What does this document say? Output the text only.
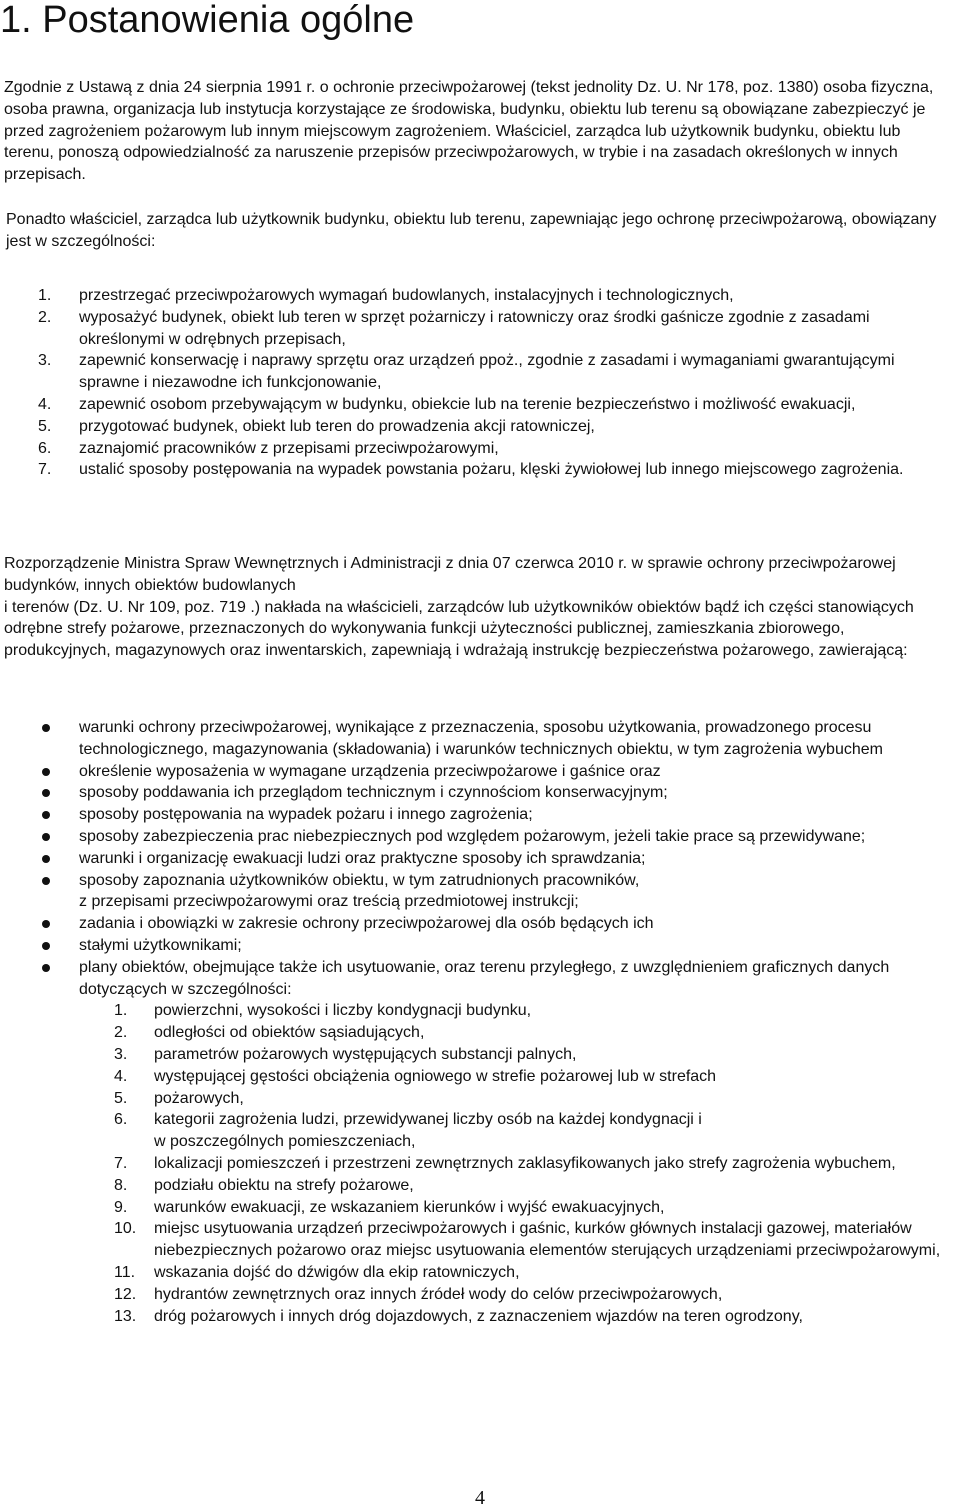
1. Postanowienia ogólne

Zgodnie z Ustawą z dnia 24 sierpnia 1991 r. o ochronie przeciwpożarowej (tekst jednolity Dz. U. Nr 178, poz. 1380) osoba fizyczna, osoba prawna, organizacja lub instytucja korzystające ze środowiska, budynku, obiektu lub terenu są obowiązane zabezpieczyć je przed zagrożeniem pożarowym lub innym miejscowym zagrożeniem. Właściciel, zarządca lub użytkownik budynku, obiektu lub terenu, ponoszą odpowiedzialność za naruszenie przepisów przeciwpożarowych, w trybie i na zasadach określonych w innych przepisach.

Ponadto właściciel, zarządca lub użytkownik budynku, obiektu lub terenu, zapewniając jego ochronę przeciwpożarową, obowiązany jest w szczególności:

1. przestrzegać przeciwpożarowych wymagań budowlanych, instalacyjnych i technologicznych,
2. wyposażyć budynek, obiekt lub teren w sprzęt pożarniczy i ratowniczy oraz środki gaśnicze zgodnie z zasadami określonymi w odrębnych przepisach,
3. zapewnić konserwację i naprawy sprzętu oraz urządzeń ppoż., zgodnie z zasadami i wymaganiami gwarantującymi sprawne i niezawodne ich funkcjonowanie,
4. zapewnić osobom przebywającym w budynku, obiekcie lub na terenie bezpieczeństwo i możliwość ewakuacji,
5. przygotować budynek, obiekt lub teren do prowadzenia akcji ratowniczej,
6. zaznajomić pracowników z przepisami przeciwpożarowymi,
7. ustalić sposoby postępowania na wypadek powstania pożaru, klęski żywiołowej lub innego miejscowego zagrożenia.
Rozporządzenie Ministra Spraw Wewnętrznych i Administracji z dnia 07 czerwca 2010 r. w sprawie ochrony przeciwpożarowej budynków, innych obiektów budowlanych
i terenów (Dz. U. Nr 109, poz. 719 .) nakłada na właścicieli, zarządców lub użytkowników obiektów bądź ich części stanowiących odrębne strefy pożarowe, przeznaczonych do wykonywania funkcji użyteczności publicznej, zamieszkania zbiorowego, produkcyjnych, magazynowych oraz inwentarskich, zapewniają i wdrażają instrukcję bezpieczeństwa pożarowego, zawierającą:
warunki ochrony przeciwpożarowej, wynikające z przeznaczenia, sposobu użytkowania, prowadzonego procesu technologicznego, magazynowania (składowania) i warunków technicznych obiektu, w tym zagrożenia wybuchem
określenie wyposażenia w wymagane urządzenia przeciwpożarowe i gaśnice oraz
sposoby poddawania ich przeglądom technicznym i czynnościom konserwacyjnym;
sposoby postępowania na wypadek pożaru i innego zagrożenia;
sposoby zabezpieczenia prac niebezpiecznych pod względem pożarowym, jeżeli takie prace są przewidywane;
warunki i organizację ewakuacji ludzi oraz praktyczne sposoby ich sprawdzania;
sposoby zapoznania użytkowników obiektu, w tym zatrudnionych pracowników,
z przepisami przeciwpożarowymi oraz treścią przedmiotowej instrukcji;
zadania i obowiązki w zakresie ochrony przeciwpożarowej dla osób będących ich
stałymi użytkownikami;
plany obiektów, obejmujące także ich usytuowanie, oraz terenu przyległego, z uwzględnieniem graficznych danych dotyczących w szczególności:
1. powierzchni, wysokości i liczby kondygnacji budynku,
2. odległości od obiektów sąsiadujących,
3. parametrów pożarowych występujących substancji palnych,
4. występującej gęstości obciążenia ogniowego w strefie pożarowej lub w strefach
5. pożarowych,
6. kategorii zagrożenia ludzi, przewidywanej liczby osób na każdej kondygnacji i
w poszczególnych pomieszczeniach,
7. lokalizacji pomieszczeń i przestrzeni zewnętrznych zaklasyfikowanych jako strefy zagrożenia wybuchem,
8. podziału obiektu na strefy pożarowe,
9. warunków ewakuacji, ze wskazaniem kierunków i wyjść ewakuacyjnych,
10. miejsc usytuowania urządzeń przeciwpożarowych i gaśnic, kurków głównych instalacji gazowej, materiałów niebezpiecznych pożarowo oraz miejsc usytuowania elementów sterujących urządzeniami przeciwpożarowymi,
11. wskazania dojść do dźwigów dla ekip ratowniczych,
12. hydrantów zewnętrznych oraz innych źródeł wody do celów przeciwpożarowych,
13. dróg pożarowych i innych dróg dojazdowych, z zaznaczeniem wjazdów na teren ogrodzony,
4
